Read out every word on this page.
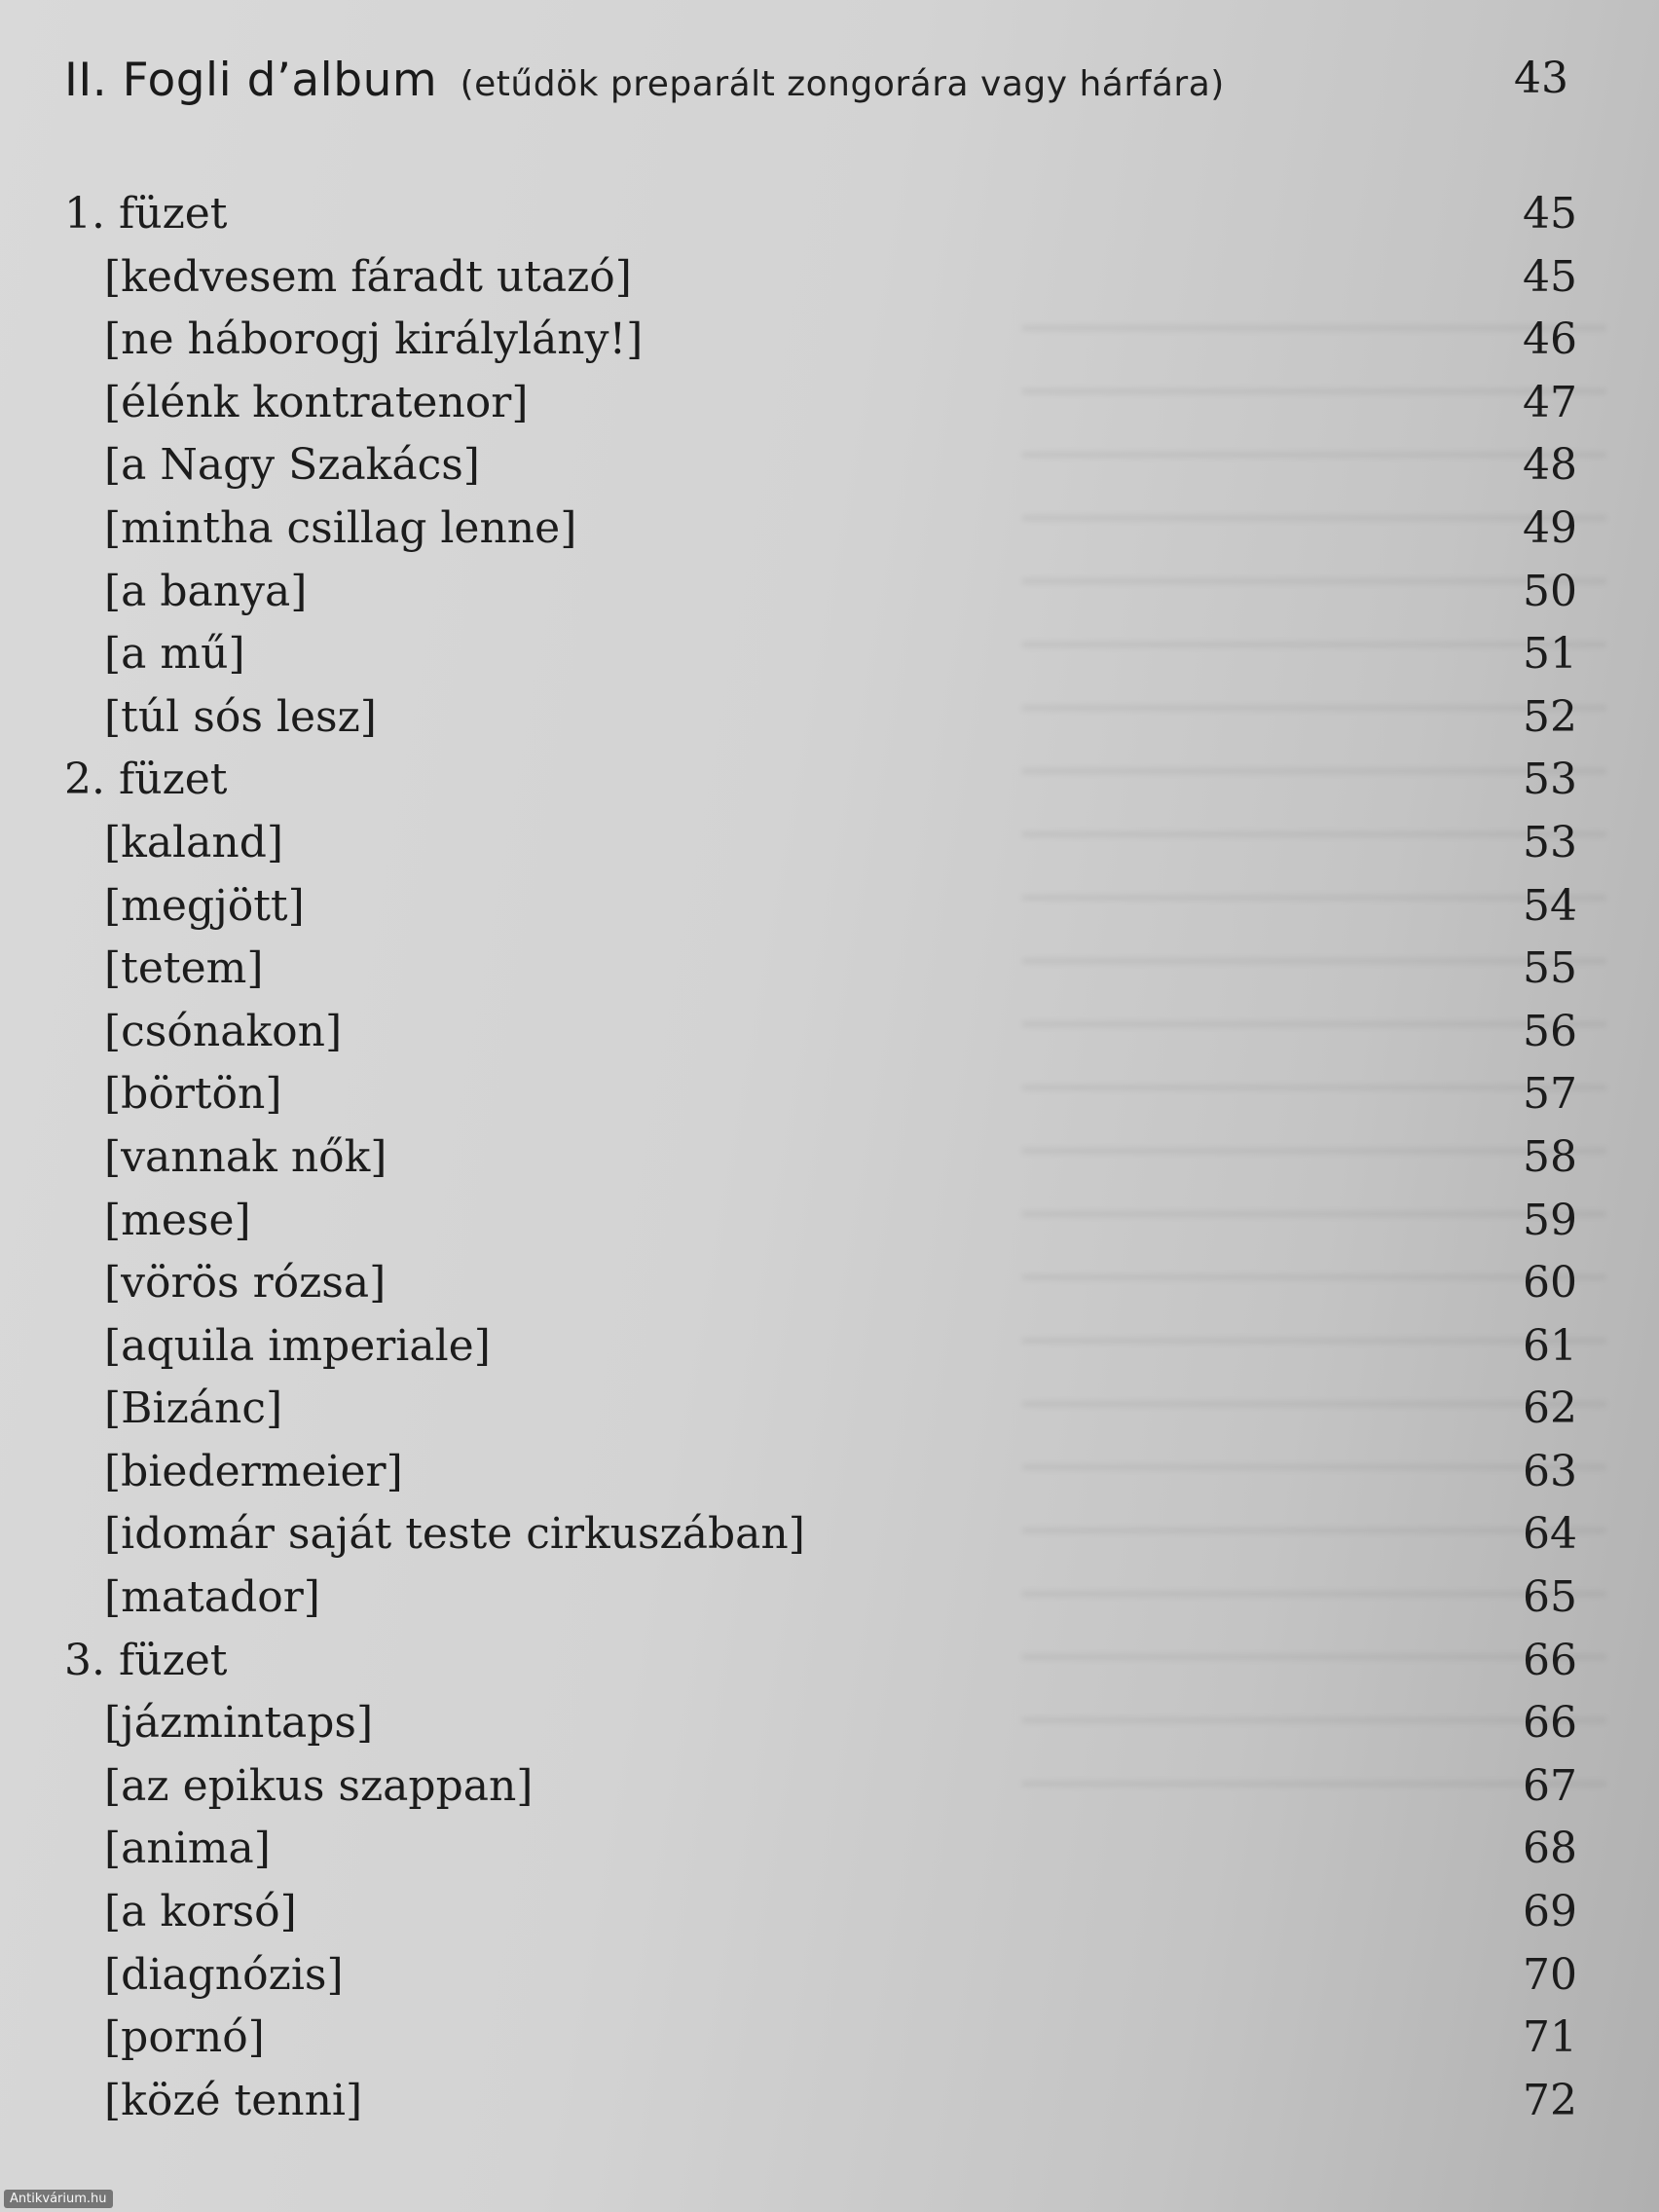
II. Fogli d’album (etűdök preparált zongorára vagy hárfára)	43
1. füzet	45
[kedvesem fáradt utazó]	45
[ne háborogj királylány!]	46
[élénk kontratenor]	47
[a Nagy Szakács]	48
[mintha csillag lenne]	49
[a banya]	50
[a mű]	51
[túl sós lesz]	52
2. füzet	53
[kaland]	53
[megjött]	54
[tetem]	55
[csónakon]	56
[börtön]	57
[vannak nők]	58
[mese]	59
[vörös rózsa]	60
[aquila imperiale]	61
[Bizánc]	62
[biedermeier]	63
[idomár saját teste cirkuszában]	64
[matador]	65
3. füzet	66
[jázmintaps]	66
[az epikus szappan]	67
[anima]	68
[a korsó]	69
[diagnózis]	70
[pornó]	71
[közé tenni]	72
Antikvárium.hu
